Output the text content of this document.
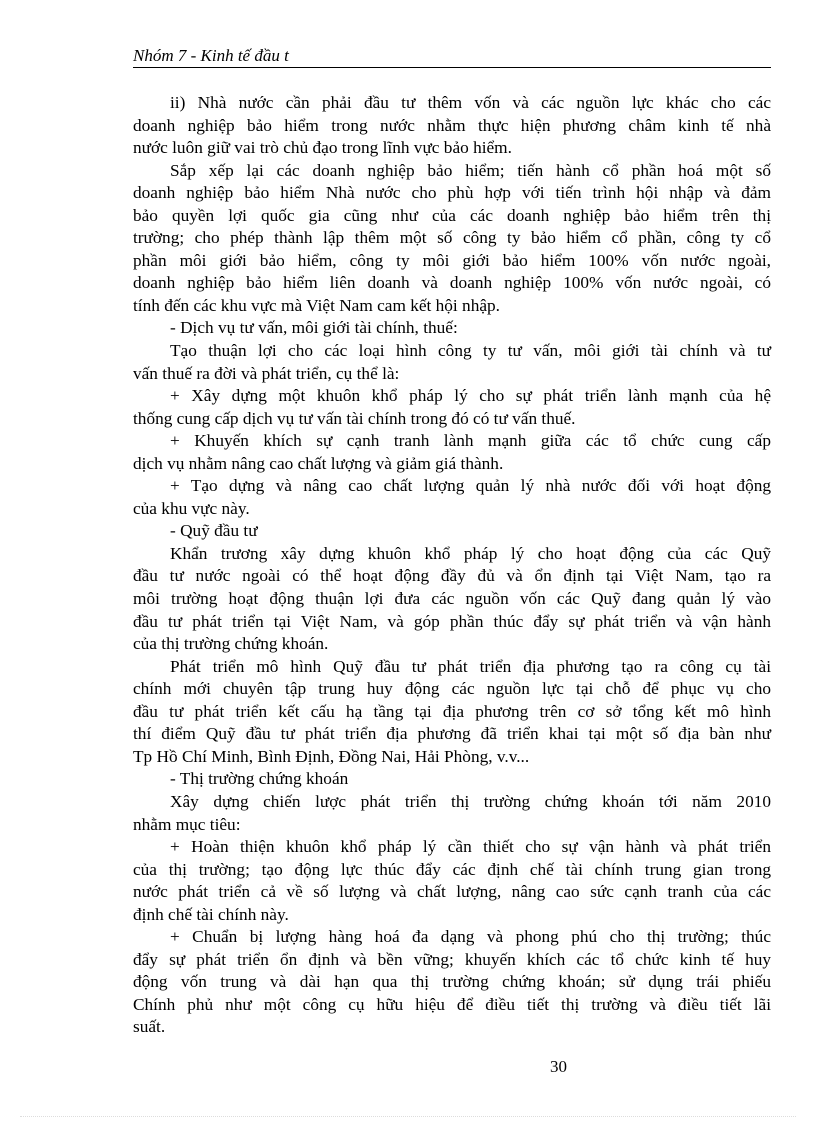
Nhóm 7 - Kinh tế đầu t
ii) Nhà nước cần phải đầu tư thêm vốn và các nguồn lực khác cho các
doanh nghiệp bảo hiểm trong nước nhằm thực hiện phương châm kinh tế nhà
nước luôn giữ vai trò chủ đạo trong lĩnh vực bảo hiểm.
Sắp xếp lại các doanh nghiệp bảo hiểm; tiến hành cổ phần hoá một số
doanh nghiệp bảo hiểm Nhà nước cho phù hợp với tiến trình hội nhập và đảm
bảo quyền lợi quốc gia cũng như của các doanh nghiệp bảo hiểm trên thị
trường; cho phép thành lập thêm một số công ty bảo hiểm cổ phần, công ty cổ
phần môi giới bảo hiểm, công ty môi giới bảo hiểm 100% vốn nước ngoài,
doanh nghiệp bảo hiểm liên doanh và doanh nghiệp 100% vốn nước ngoài, có
tính đến các khu vực mà Việt Nam cam kết hội nhập.
- Dịch vụ tư vấn, môi giới tài chính, thuế:
Tạo thuận lợi cho các loại hình công ty tư vấn, môi giới tài chính và tư
vấn thuế ra đời và phát triển, cụ thể là:
+ Xây dựng một khuôn khổ pháp lý cho sự phát triển lành mạnh của hệ
thống cung cấp dịch vụ tư vấn tài chính trong đó có tư vấn thuế.
+ Khuyến khích sự cạnh tranh lành mạnh giữa các tổ chức cung cấp
dịch vụ nhằm nâng cao chất lượng và giảm giá thành.
+ Tạo dựng và nâng cao chất lượng quản lý nhà nước đối với hoạt động
của khu vực này.
- Quỹ đầu tư
Khẩn trương xây dựng khuôn khổ pháp lý cho hoạt động của các Quỹ
đầu tư nước ngoài có thể hoạt động đầy đủ và ổn định tại Việt Nam, tạo ra
môi trường hoạt động thuận lợi đưa các nguồn vốn các Quỹ đang quản lý vào
đầu tư phát triển tại Việt Nam, và góp phần thúc đẩy sự phát triển và vận hành
của thị trường chứng khoán.
Phát triển mô hình Quỹ đầu tư phát triển địa phương tạo ra công cụ tài
chính mới chuyên tập trung huy động các nguồn lực tại chỗ để phục vụ cho
đầu tư phát triển kết cấu hạ tầng tại địa phương trên cơ sở tổng kết mô hình
thí điểm Quỹ đầu tư phát triển địa phương đã triển khai tại một số địa bàn như
Tp Hồ Chí Minh, Bình Định, Đồng Nai, Hải Phòng, v.v...
- Thị trường chứng khoán
Xây dựng chiến lược phát triển thị trường chứng khoán tới năm 2010
nhằm mục tiêu:
+ Hoàn thiện khuôn khổ pháp lý cần thiết cho sự vận hành và phát triển
của thị trường; tạo động lực thúc đẩy các định chế tài chính trung gian trong
nước phát triển cả về số lượng và chất lượng, nâng cao sức cạnh tranh của các
định chế tài chính này.
+ Chuẩn bị lượng hàng hoá đa dạng và phong phú cho thị trường; thúc
đẩy sự phát triển ổn định và bền vững; khuyến khích các tổ chức kinh tế huy
động vốn trung và dài hạn qua thị trường chứng khoán; sử dụng trái phiếu
Chính phủ như một công cụ hữu hiệu để điều tiết thị trường và điều tiết lãi
suất.
30
